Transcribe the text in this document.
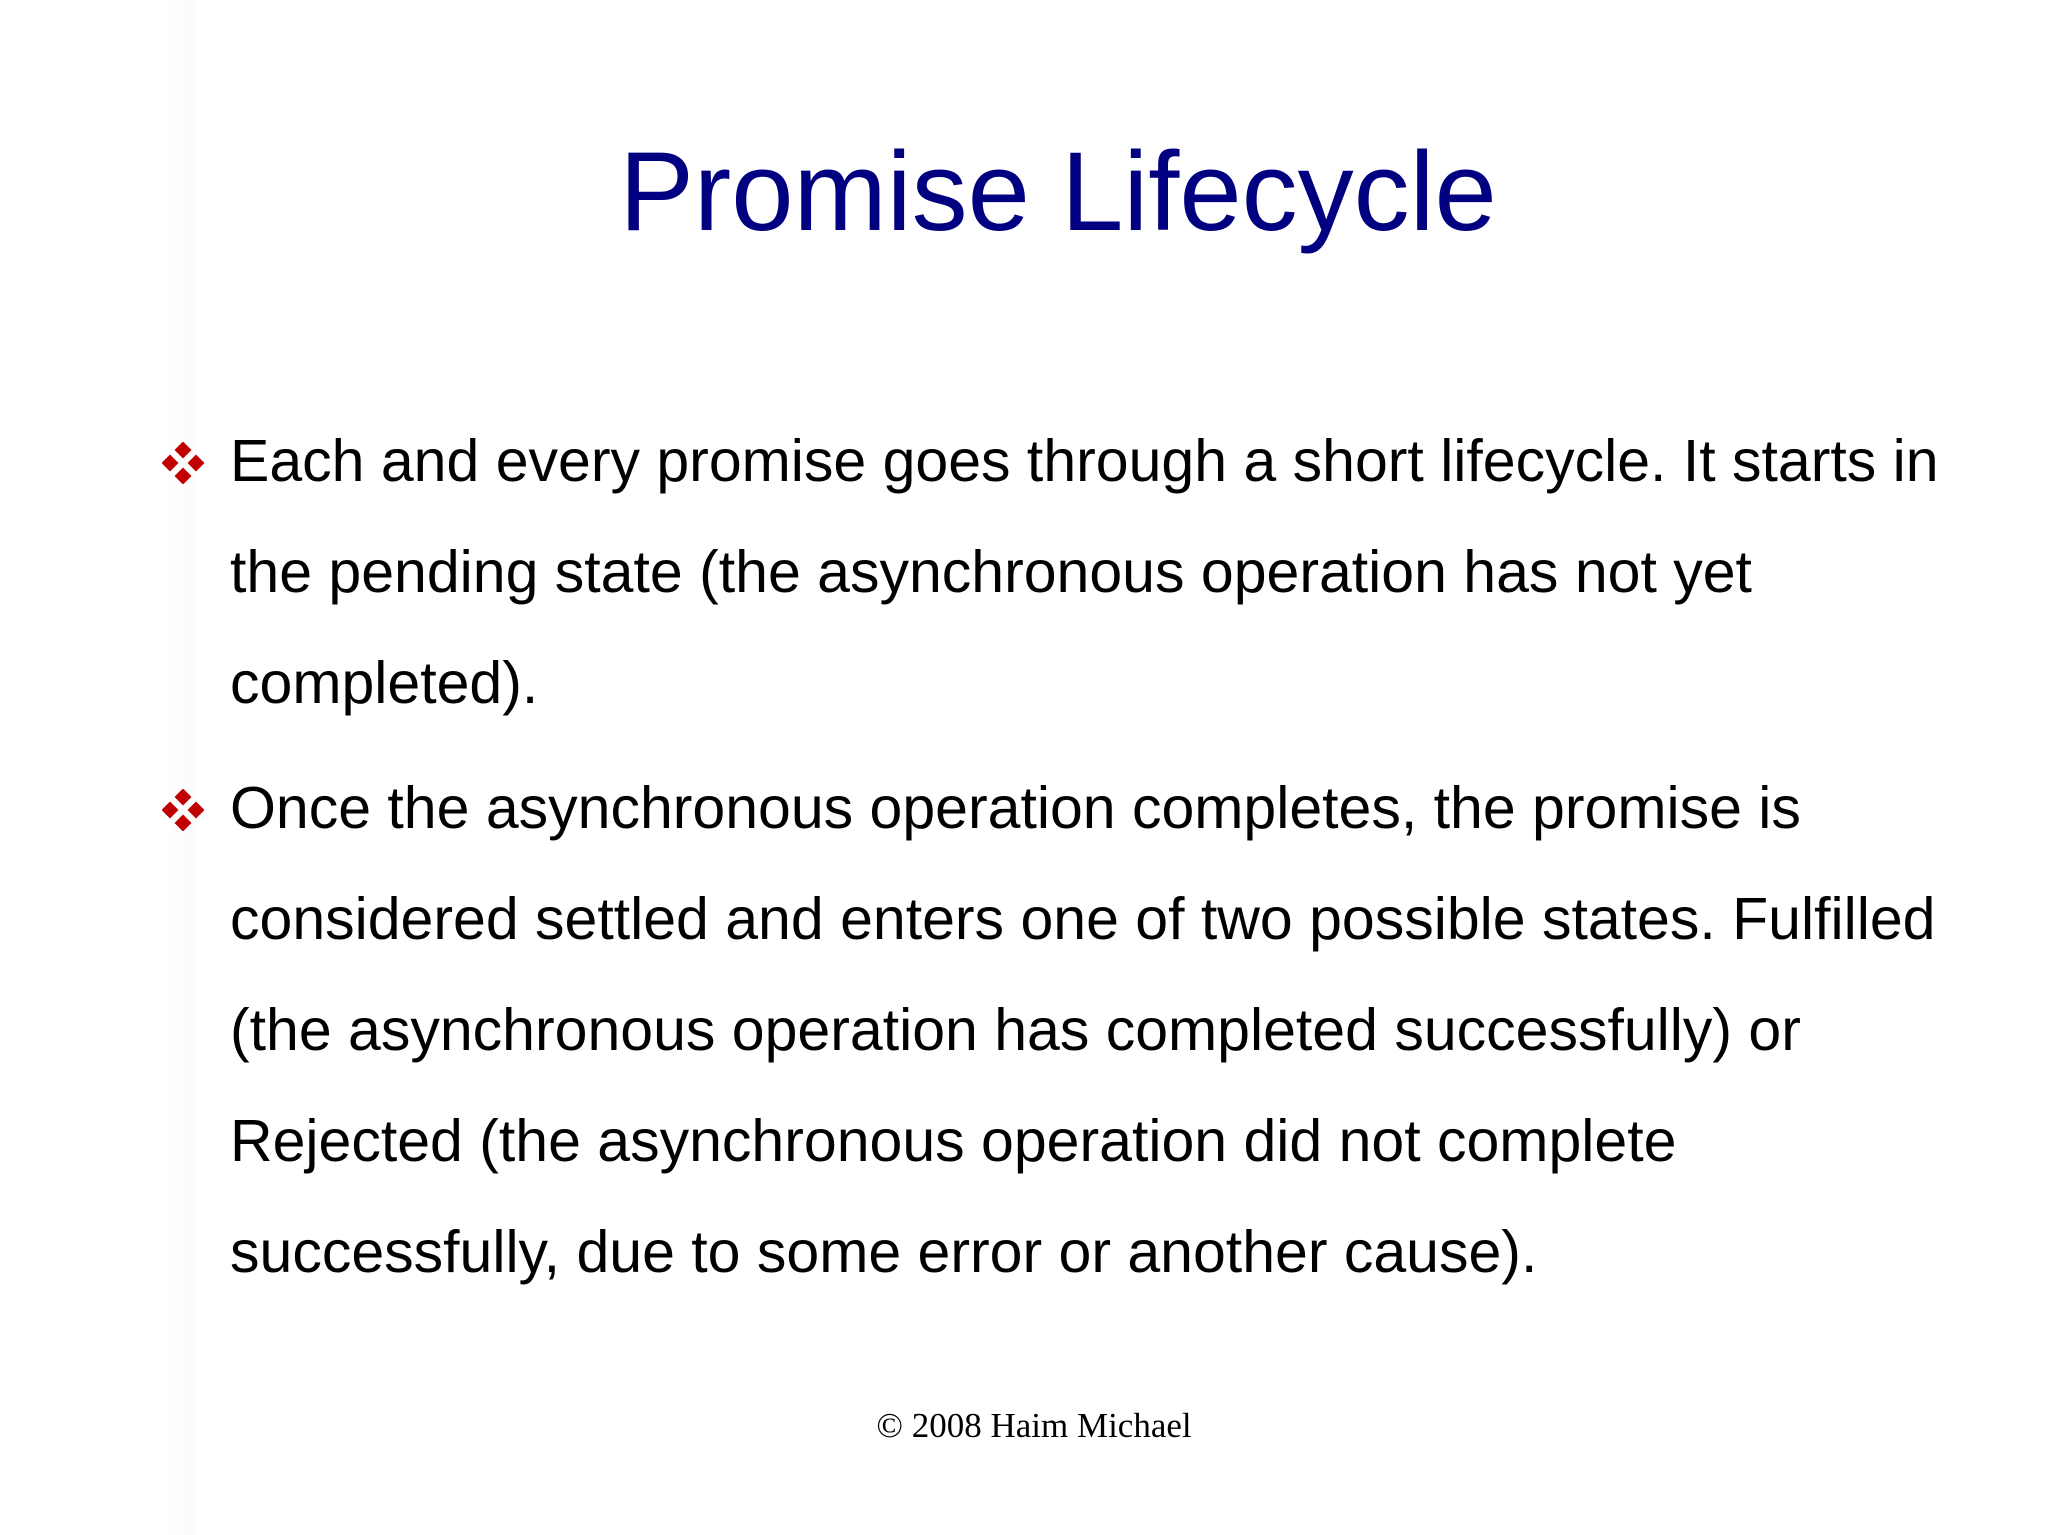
Promise Lifecycle
Each and every promise goes through a short lifecycle. It starts in the pending state (the asynchronous operation has not yet completed).
Once the asynchronous operation completes, the promise is considered settled and enters one of two possible states. Fulfilled (the asynchronous operation has completed successfully) or Rejected (the asynchronous operation did not complete successfully, due to some error or another cause).
© 2008 Haim Michael
